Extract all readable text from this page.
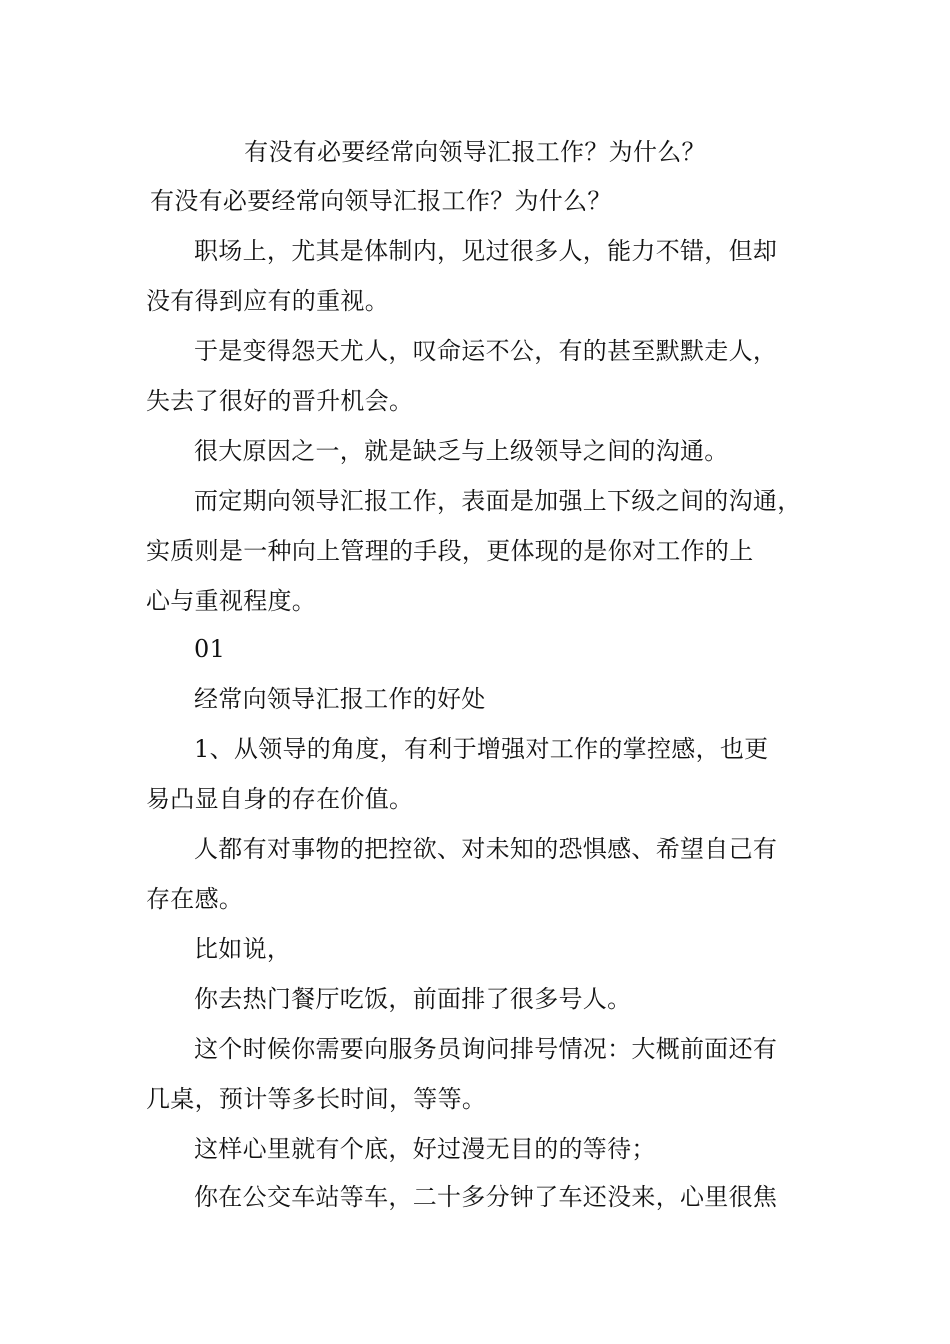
有没有必要经常向领导汇报工作？为什么？
有没有必要经常向领导汇报工作？为什么？
职场上，尤其是体制内，见过很多人，能力不错，但却
没有得到应有的重视。
于是变得怨天尤人，叹命运不公，有的甚至默默走人，
失去了很好的晋升机会。
很大原因之一，就是缺乏与上级领导之间的沟通。
而定期向领导汇报工作，表面是加强上下级之间的沟通，
实质则是一种向上管理的手段，更体现的是你对工作的上
心与重视程度。
01
经常向领导汇报工作的好处
1、从领导的角度，有利于增强对工作的掌控感，也更
易凸显自身的存在价值。
人都有对事物的把控欲、对未知的恐惧感、希望自己有
存在感。
比如说，
你去热门餐厅吃饭，前面排了很多号人。
这个时候你需要向服务员询问排号情况：大概前面还有
几桌，预计等多长时间，等等。
这样心里就有个底，好过漫无目的的等待；
你在公交车站等车，二十多分钟了车还没来，心里很焦
